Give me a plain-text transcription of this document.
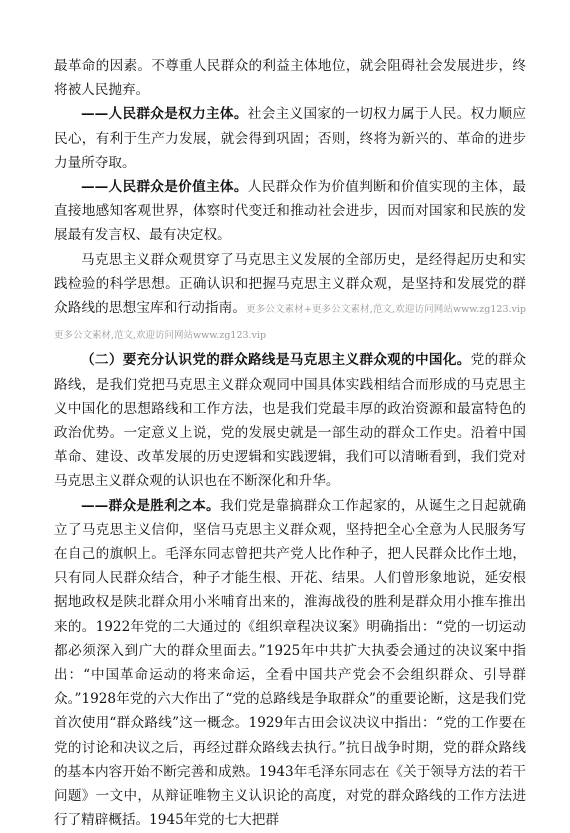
最革命的因素。不尊重人民群众的利益主体地位，就会阻碍社会发展进步，终将被人民抛弃。

——人民群众是权力主体。社会主义国家的一切权力属于人民。权力顺应民心，有利于生产力发展，就会得到巩固；否则，终将为新兴的、革命的进步力量所夺取。

——人民群众是价值主体。人民群众作为价值判断和价值实现的主体，最直接地感知客观世界，体察时代变迁和推动社会进步，因而对国家和民族的发展最有发言权、最有决定权。

马克思主义群众观贯穿了马克思主义发展的全部历史，是经得起历史和实践检验的科学思想。正确认识和把握马克思主义群众观，是坚持和发展党的群众路线的思想宝库和行动指南。更多公文素材+更多公文素材,范文,欢迎访问网站www.zg123.vip 更多公文素材,范文,欢迎访问网站www.zg123.vip

（二）要充分认识党的群众路线是马克思主义群众观的中国化。党的群众路线，是我们党把马克思主义群众观同中国具体实践相结合而形成的马克思主义中国化的思想路线和工作方法，也是我们党最丰厚的政治资源和最富特色的政治优势。一定意义上说，党的发展史就是一部生动的群众工作史。沿着中国革命、建设、改革发展的历史逻辑和实践逻辑，我们可以清晰看到，我们党对马克思主义群众观的认识也在不断深化和升华。

——群众是胜利之本。我们党是靠搞群众工作起家的，从诞生之日起就确立了马克思主义信仰，坚信马克思主义群众观，坚持把全心全意为人民服务写在自己的旗帜上。毛泽东同志曾把共产党人比作种子，把人民群众比作土地，只有同人民群众结合，种子才能生根、开花、结果。人们曾形象地说，延安根据地政权是陕北群众用小米哺育出来的，淮海战役的胜利是群众用小推车推出来的。1922年党的二大通过的《组织章程决议案》明确指出：“党的一切运动都必须深入到广大的群众里面去。”1925年中共扩大执委会通过的决议案中指出：“中国革命运动的将来命运，全看中国共产党会不会组织群众、引导群众。”1928年党的六大作出了“党的总路线是争取群众”的重要论断，这是我们党首次使用“群众路线”这一概念。1929年古田会议决议中指出：“党的工作要在党的讨论和决议之后，再经过群众路线去执行。”抗日战争时期，党的群众路线的基本内容开始不断完善和成熟。1943年毛泽东同志在《关于领导方法的若干问题》一文中，从辩证唯物主义认识论的高度，对党的群众路线的工作方法进行了精辟概括。1945年党的七大把群
